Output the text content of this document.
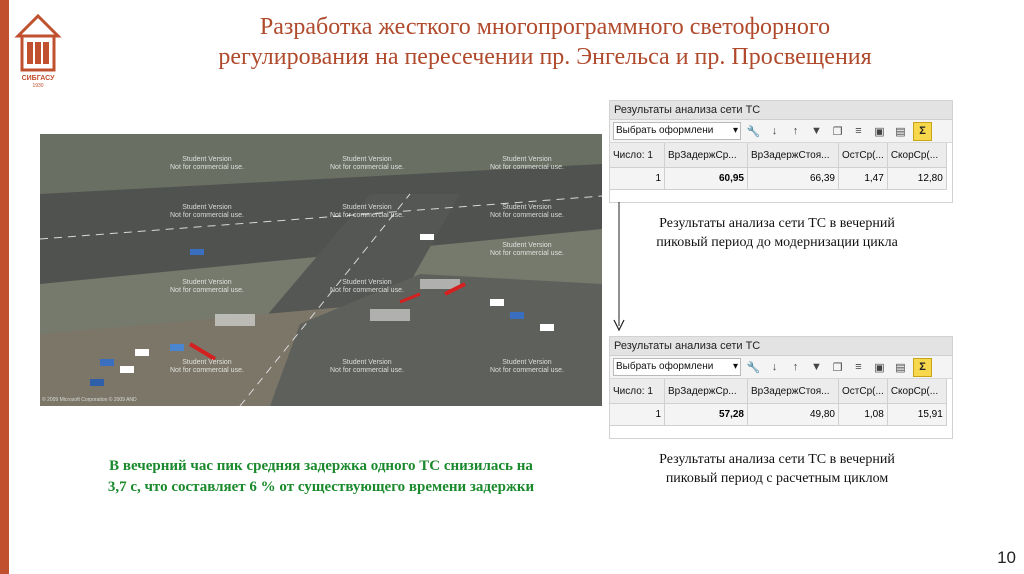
СИБГАСУ
1930
Разработка жесткого многопрограммного светофорного
регулирования на пересечении пр. Энгельса и пр. Просвещения
Student Version
Not for commercial use.
Student Version
Not for commercial use.
Student Version
Not for commercial use.
Student Version
Not for commercial use.
Student Version
Not for commercial use.
Student Version
Not for commercial use.
Student Version
Not for commercial use.
Student Version
Not for commercial use.
Student Version
Not for commercial use.
Student Version
Not for commercial use.
Student Version
Not for commercial use.
Student Version
Not for commercial use.
© 2009 Microsoft Corporation © 2009 AND
Результаты анализа сети ТС
Выбрать оформлени ▾ 🔧	↓	↑	▼ ❐	≡	▣ ▤	Σ
Число: 1	ВрЗадержСр...	ВрЗадержСтоя...	ОстСр(...	СкорСр(...
1	60,95	66,39	1,47	12,80
Результаты анализа сети ТС в вечерний
пиковый период до модернизации цикла
Результаты анализа сети ТС
Выбрать оформлени ▾ 🔧	↓	↑	▼ ❐	≡	▣ ▤	Σ
Число: 1	ВрЗадержСр...	ВрЗадержСтоя...	ОстСр(...	СкорСр(...
1	57,28	49,80	1,08	15,91
Результаты анализа сети ТС в вечерний
пиковый период с расчетным циклом
В вечерний час пик средняя задержка одного ТС снизилась на
3,7 с, что составляет 6 % от существующего времени задержки
10
